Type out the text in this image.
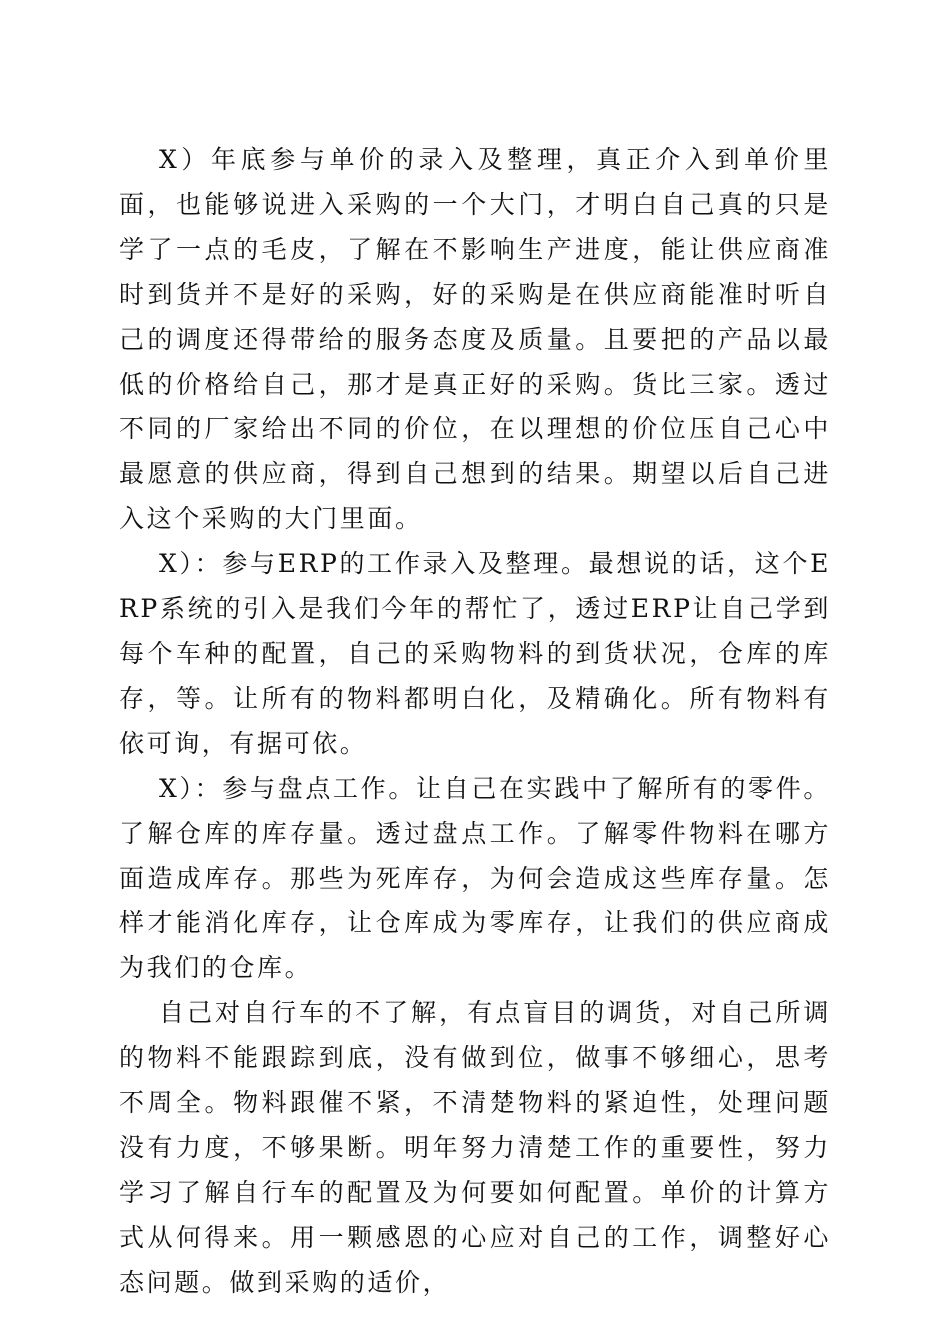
X）年底参与单价的录入及整理，真正介入到单价里面，也能够说进入采购的一个大门，才明白自己真的只是学了一点的毛皮，了解在不影响生产进度，能让供应商准时到货并不是好的采购，好的采购是在供应商能准时听自己的调度还得带给的服务态度及质量。且要把的产品以最低的价格给自己，那才是真正好的采购。货比三家。透过不同的厂家给出不同的价位，在以理想的价位压自己心中最愿意的供应商，得到自己想到的结果。期望以后自己进入这个采购的大门里面。

X）：参与ERP的工作录入及整理。最想说的话，这个ERP系统的引入是我们今年的帮忙了，透过ERP让自己学到每个车种的配置，自己的采购物料的到货状况，仓库的库存，等。让所有的物料都明白化，及精确化。所有物料有依可询，有据可依。

X）：参与盘点工作。让自己在实践中了解所有的零件。了解仓库的库存量。透过盘点工作。了解零件物料在哪方面造成库存。那些为死库存，为何会造成这些库存量。怎样才能消化库存，让仓库成为零库存，让我们的供应商成为我们的仓库。

自己对自行车的不了解，有点盲目的调货，对自己所调的物料不能跟踪到底，没有做到位，做事不够细心，思考不周全。物料跟催不紧，不清楚物料的紧迫性，处理问题没有力度，不够果断。明年努力清楚工作的重要性，努力学习了解自行车的配置及为何要如何配置。单价的计算方式从何得来。用一颗感恩的心应对自己的工作，调整好心态问题。做到采购的适价，
